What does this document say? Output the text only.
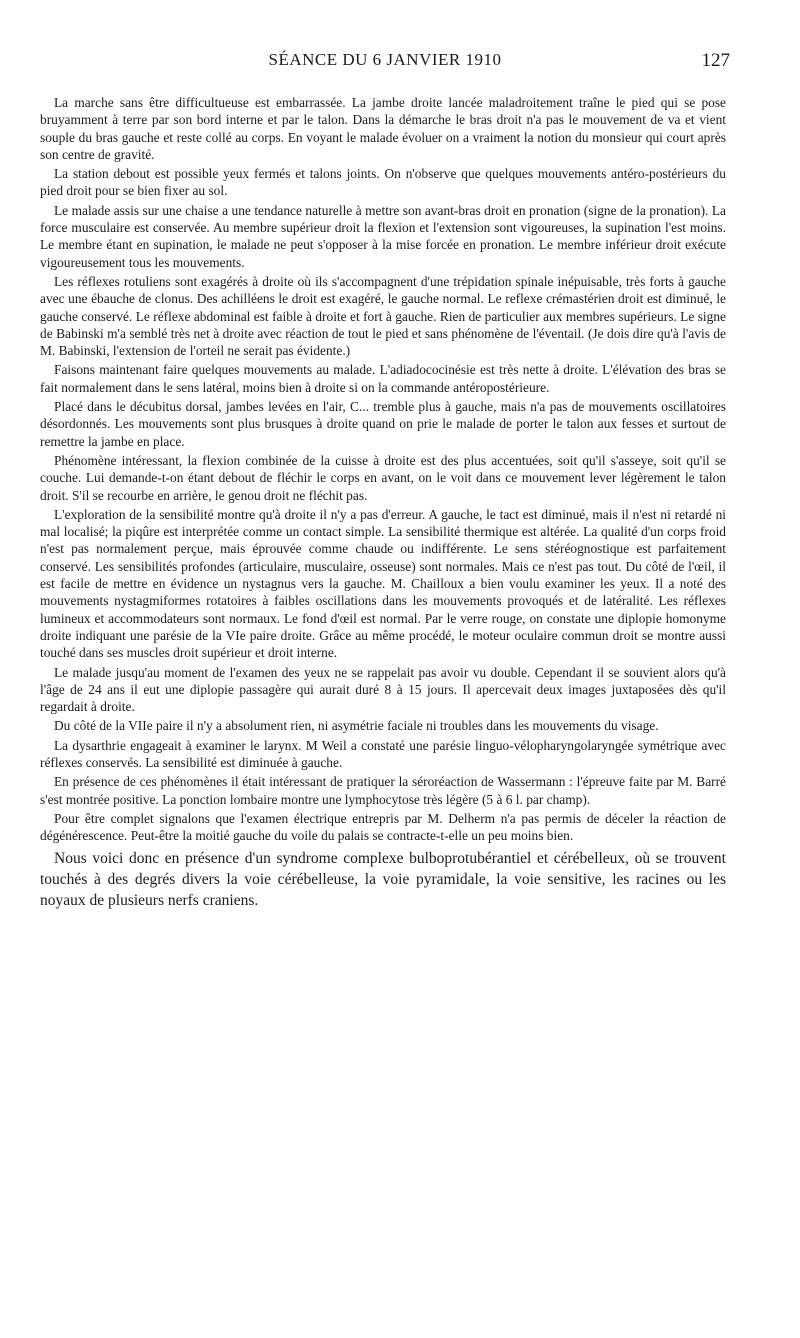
SÉANCE DU 6 JANVIER 1910	127

La marche sans être difficultueuse est embarrassée. La jambe droite lancée maladroitement traîne le pied qui se pose bruyamment à terre par son bord interne et par le talon. Dans la démarche le bras droit n'a pas le mouvement de va et vient souple du bras gauche et reste collé au corps. En voyant le malade évoluer on a vraiment la notion du monsieur qui court après son centre de gravité.

La station debout est possible yeux fermés et talons joints. On n'observe que quelques mouvements antéro-postérieurs du pied droit pour se bien fixer au sol.

Le malade assis sur une chaise a une tendance naturelle à mettre son avant-bras droit en pronation (signe de la pronation). La force musculaire est conservée. Au membre supérieur droit la flexion et l'extension sont vigoureuses, la supination l'est moins. Le membre étant en supination, le malade ne peut s'opposer à la mise forcée en pronation. Le membre inférieur droit exécute vigoureusement tous les mouvements.

Les réflexes rotuliens sont exagérés à droite où ils s'accompagnent d'une trépidation spinale inépuisable, très forts à gauche avec une ébauche de clonus. Des achilléens le droit est exagéré, le gauche normal. Le reflexe crémastérien droit est diminué, le gauche conservé. Le réflexe abdominal est faible à droite et fort à gauche. Rien de particulier aux membres supérieurs. Le signe de Babinski m'a semblé très net à droite avec réaction de tout le pied et sans phénomène de l'éventail. (Je dois dire qu'à l'avis de M. Babinski, l'extension de l'orteil ne serait pas évidente.)

Faisons maintenant faire quelques mouvements au malade. L'adiadococinésie est très nette à droite. L'élévation des bras se fait normalement dans le sens latéral, moins bien à droite si on la commande antéropostérieure.

Placé dans le décubitus dorsal, jambes levées en l'air, C... tremble plus à gauche, mais n'a pas de mouvements oscillatoires désordonnés. Les mouvements sont plus brusques à droite quand on prie le malade de porter le talon aux fesses et surtout de remettre la jambe en place.

Phénomène intéressant, la flexion combinée de la cuisse à droite est des plus accentuées, soit qu'il s'asseye, soit qu'il se couche. Lui demande-t-on étant debout de fléchir le corps en avant, on le voit dans ce mouvement lever légèrement le talon droit. S'il se recourbe en arrière, le genou droit ne fléchit pas.

L'exploration de la sensibilité montre qu'à droite il n'y a pas d'erreur. A gauche, le tact est diminué, mais il n'est ni retardé ni mal localisé; la piqûre est interprétée comme un contact simple. La sensibilité thermique est altérée. La qualité d'un corps froid n'est pas normalement perçue, mais éprouvée comme chaude ou indifférente. Le sens stéréognostique est parfaitement conservé. Les sensibilités profondes (articulaire, musculaire, osseuse) sont normales. Mais ce n'est pas tout. Du côté de l'œil, il est facile de mettre en évidence un nystagnus vers la gauche. M. Chailloux a bien voulu examiner les yeux. Il a noté des mouvements nystagmiformes rotatoires à faibles oscillations dans les mouvements provoqués et de latéralité. Les réflexes lumineux et accommodateurs sont normaux. Le fond d'œil est normal. Par le verre rouge, on constate une diplopie homonyme droite indiquant une parésie de la VIe paire droite. Grâce au même procédé, le moteur oculaire commun droit se montre aussi touché dans ses muscles droit supérieur et droit interne.

Le malade jusqu'au moment de l'examen des yeux ne se rappelait pas avoir vu double. Cependant il se souvient alors qu'à l'âge de 24 ans il eut une diplopie passagère qui aurait duré 8 à 15 jours. Il apercevait deux images juxtaposées dès qu'il regardait à droite.

Du côté de la VIIe paire il n'y a absolument rien, ni asymétrie faciale ni troubles dans les mouvements du visage.

La dysarthrie engageait à examiner le larynx. M Weil a constaté une parésie linguo-vélopharyngolaryngée symétrique avec réflexes conservés. La sensibilité est diminuée à gauche.

En présence de ces phénomènes il était intéressant de pratiquer la séroréaction de Wassermann : l'épreuve faite par M. Barré s'est montrée positive. La ponction lombaire montre une lymphocytose très légère (5 à 6 l. par champ).

Pour être complet signalons que l'examen électrique entrepris par M. Delherm n'a pas permis de déceler la réaction de dégénérescence. Peut-être la moitié gauche du voile du palais se contracte-t-elle un peu moins bien.

Nous voici donc en présence d'un syndrome complexe bulboprotubérantiel et cérébelleux, où se trouvent touchés à des degrés divers la voie cérébelleuse, la voie pyramidale, la voie sensitive, les racines ou les noyaux de plusieurs nerfs craniens.
